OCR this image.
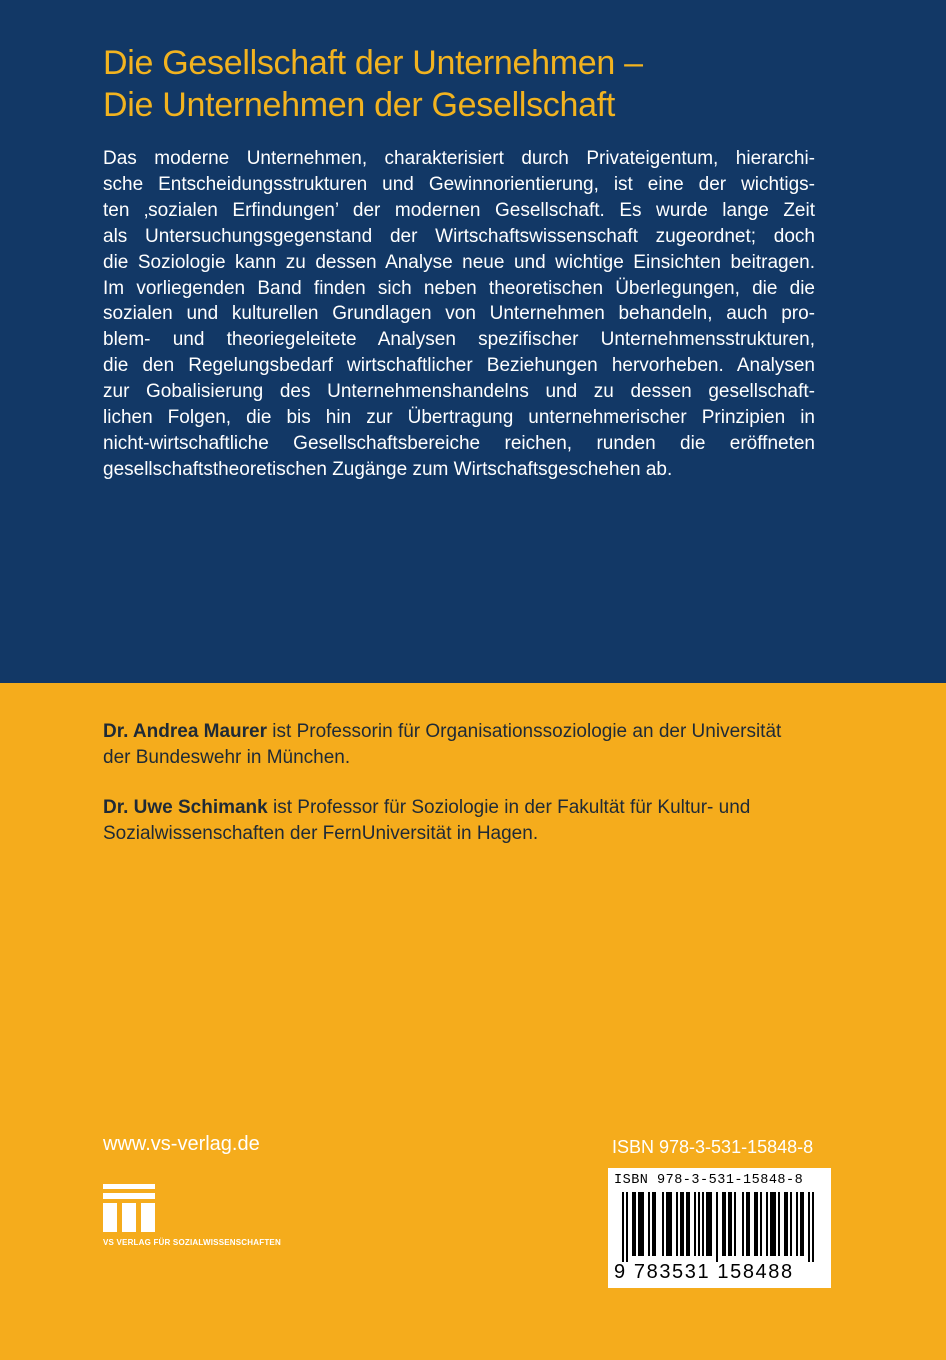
Die Gesellschaft der Unternehmen –
Die Unternehmen der Gesellschaft
Das moderne Unternehmen, charakterisiert durch Privateigentum, hierarchi-
sche Entscheidungsstrukturen und Gewinnorientierung, ist eine der wichtigs-
ten ‚sozialen Erfindungen’ der modernen Gesellschaft. Es wurde lange Zeit
als Untersuchungsgegenstand der Wirtschaftswissenschaft zugeordnet; doch
die Soziologie kann zu dessen Analyse neue und wichtige Einsichten beitragen.
Im vorliegenden Band finden sich neben theoretischen Überlegungen, die die
sozialen und kulturellen Grundlagen von Unternehmen behandeln, auch pro-
blem- und theoriegeleitete Analysen spezifischer Unternehmensstrukturen,
die den Regelungsbedarf wirtschaftlicher Beziehungen hervorheben. Analysen
zur Gobalisierung des Unternehmenshandelns und zu dessen gesellschaft-
lichen Folgen, die bis hin zur Übertragung unternehmerischer Prinzipien in
nicht-wirtschaftliche Gesellschaftsbereiche reichen, runden die eröffneten
gesellschaftstheoretischen Zugänge zum Wirtschaftsgeschehen ab.
Dr. Andrea Maurer ist Professorin für Organisationssoziologie an der Universität
der Bundeswehr in München.
Dr. Uwe Schimank ist Professor für Soziologie in der Fakultät für Kultur- und
Sozialwissenschaften der FernUniversität in Hagen.
www.vs-verlag.de
VS VERLAG FÜR SOZIALWISSENSCHAFTEN
ISBN 978-3-531-15848-8
ISBN 978-3-531-15848-8
9 783531 158488
